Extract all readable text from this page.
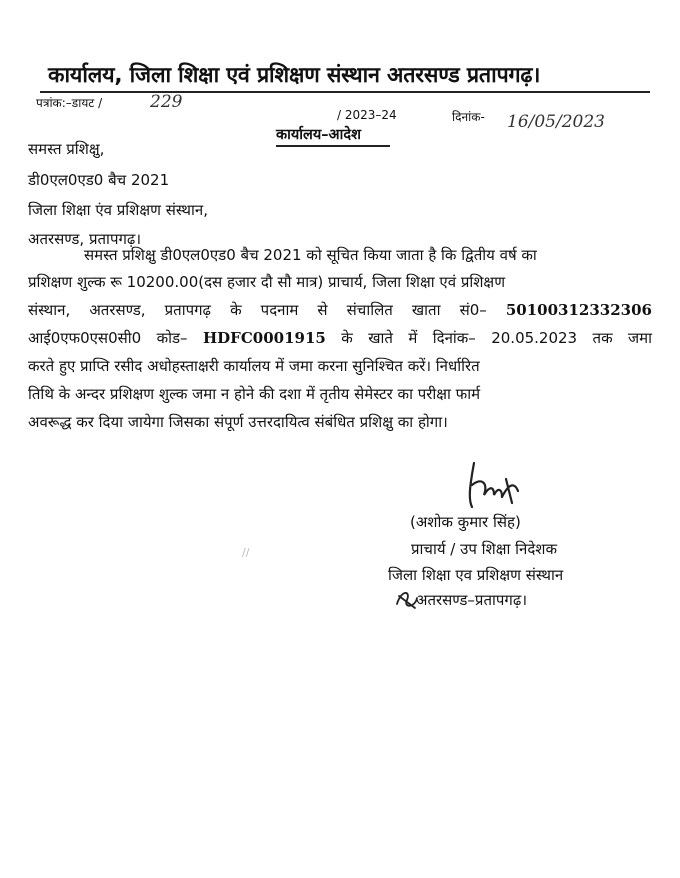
कार्यालय, जिला शिक्षा एवं प्रशिक्षण संस्थान अतरसण्ड प्रतापगढ़।
पत्रांक:–डायट /	229
/ 2023–24	दिनांक- 16/05/2023
कार्यालय–आदेश
समस्त प्रशिक्षु,
डी0एल0एड0 बैच 2021
जिला शिक्षा एंव प्रशिक्षण संस्थान,
अतरसण्ड, प्रतापगढ़।
समस्त प्रशिक्षु डी0एल0एड0 बैच 2021 को सूचित किया जाता है कि द्वितीय वर्ष का
प्रशिक्षण शुल्क रू 10200.00(दस हजार दौ सौ मात्र) प्राचार्य, जिला शिक्षा एवं प्रशिक्षण
संस्थान, अतरसण्ड, प्रतापगढ़ के पदनाम से संचालित खाता सं0– 50100312332306
आई0एफ0एस0सी0 कोड– HDFC0001915 के खाते में दिनांक– 20.05.2023 तक जमा
करते हुए प्राप्ति रसीद अधोहस्ताक्षरी कार्यालय में जमा करना सुनिश्चित करें। निर्धारित
तिथि के अन्दर प्रशिक्षण शुल्क जमा न होने की दशा में तृतीय सेमेस्टर का परीक्षा फार्म
अवरूद्ध कर दिया जायेगा जिसका संपूर्ण उत्तरदायित्व संबंधित प्रशिक्षु का होगा।
(अशोक कुमार सिंह)
प्राचार्य / उप शिक्षा निदेशक
जिला शिक्षा एव प्रशिक्षण संस्थान
अतरसण्ड–प्रतापगढ़।
∕∕
